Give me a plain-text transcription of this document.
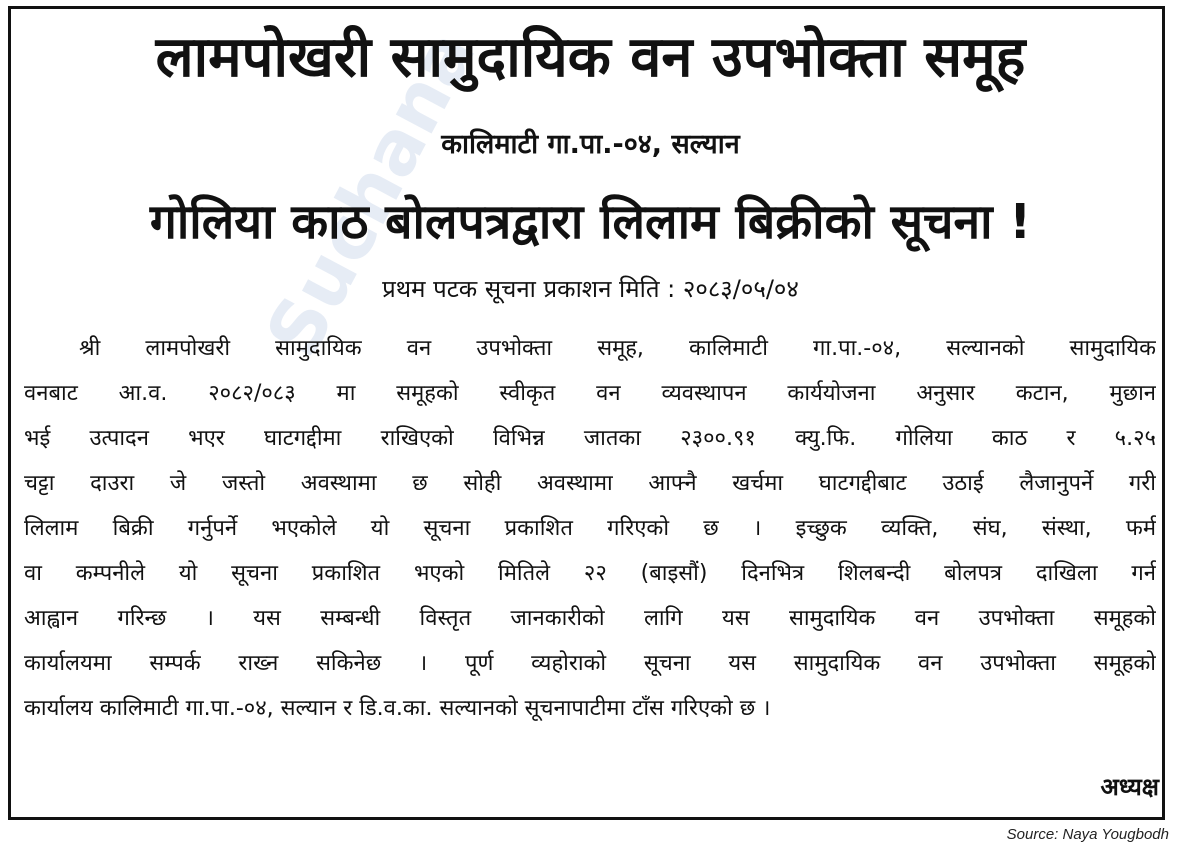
Suchana
लामपोखरी सामुदायिक वन उपभोक्ता समूह
कालिमाटी गा.पा.-०४, सल्यान
गोलिया काठ बोलपत्रद्वारा लिलाम बिक्रीको सूचना !
प्रथम पटक सूचना प्रकाशन मिति : २०८३/०५/०४
श्री लामपोखरी सामुदायिक वन उपभोक्ता समूह, कालिमाटी गा.पा.-०४, सल्यानको सामुदायिक
वनबाट आ.व. २०८२/०८३ मा समूहको स्वीकृत वन व्यवस्थापन कार्ययोजना अनुसार कटान, मुछान
भई उत्पादन भएर घाटगद्दीमा राखिएको विभिन्न जातका २३००.९१ क्यु.फि. गोलिया काठ र ५.२५
चट्टा दाउरा जे जस्तो अवस्थामा छ सोही अवस्थामा आफ्नै खर्चमा घाटगद्दीबाट उठाई लैजानुपर्ने गरी
लिलाम बिक्री गर्नुपर्ने भएकोले यो सूचना प्रकाशित गरिएको छ । इच्छुक व्यक्ति, संघ, संस्था, फर्म
वा कम्पनीले यो सूचना प्रकाशित भएको मितिले २२ (बाइसौं) दिनभित्र शिलबन्दी बोलपत्र दाखिला गर्न
आह्वान गरिन्छ । यस सम्बन्धी विस्तृत जानकारीको लागि यस सामुदायिक वन उपभोक्ता समूहको
कार्यालयमा सम्पर्क राख्न सकिनेछ । पूर्ण व्यहोराको सूचना यस सामुदायिक वन उपभोक्ता समूहको
कार्यालय कालिमाटी गा.पा.-०४, सल्यान र डि.व.का. सल्यानको सूचनापाटीमा टाँस गरिएको छ ।
अध्यक्ष
Source: Naya Yougbodh
